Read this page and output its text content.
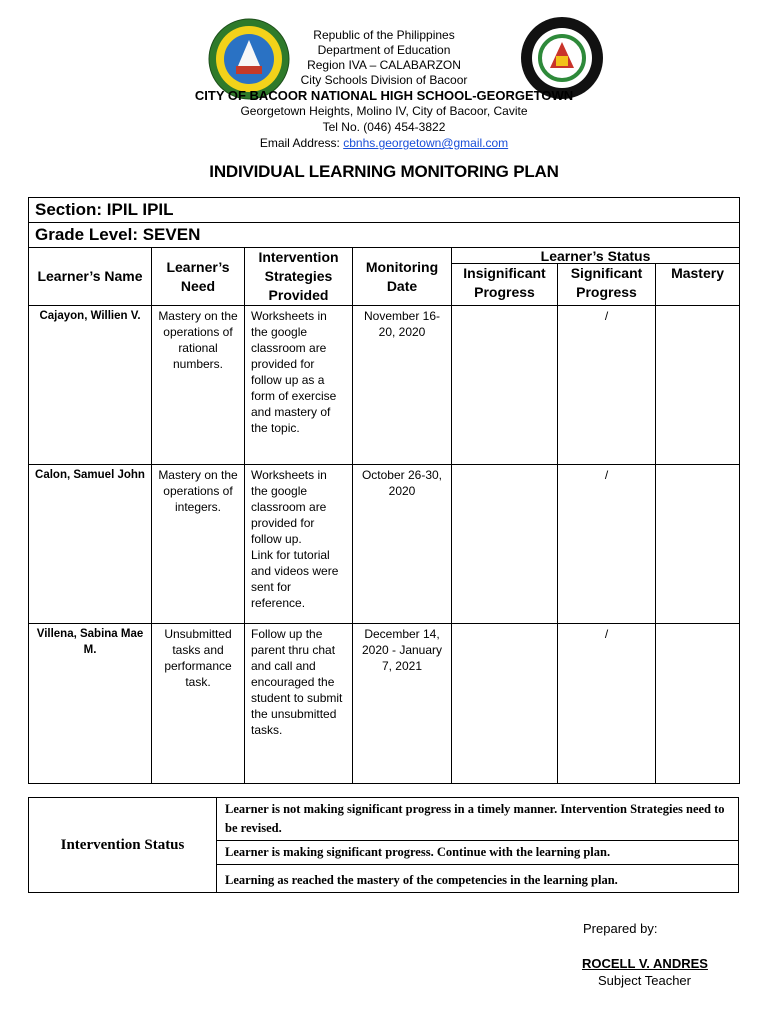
Republic of the Philippines
Department of Education
Region IVA – CALABARZON
City Schools Division of Bacoor
CITY OF BACOOR NATIONAL HIGH SCHOOL-GEORGETOWN
Georgetown Heights, Molino IV, City of Bacoor, Cavite
Tel No. (046) 454-3822
Email Address: cbnhs.georgetown@gmail.com
INDIVIDUAL LEARNING MONITORING PLAN
Section: IPIL IPIL						
Grade Level: SEVEN						
Learner’s Name	Learner’s Need	Intervention Strategies Provided	Monitoring Date	Learner’s Status		
				Insignificant Progress	Significant Progress	Mastery
Cajayon, Willien V.	Mastery on the operations of rational numbers.	Worksheets in the google classroom are provided for follow up as a form of exercise and mastery of the topic.	November 16-20, 2020		/	
Calon, Samuel John	Mastery on the operations of integers.	Worksheets in the google classroom are provided for follow up.
Link for tutorial and videos were sent for reference.	October 26-30, 2020		/	
Villena, Sabina Mae M.	Unsubmitted tasks and performance task.	Follow up the parent thru chat and call and encouraged the student to submit the unsubmitted tasks.	December 14, 2020 - January 7, 2021		/	
Intervention Status	Learner is not making significant progress in a timely manner. Intervention Strategies need to be revised.
Learner is making significant progress. Continue with the learning plan.
Learning as reached the mastery of the competencies in the learning plan.
Prepared by:
ROCELL V. ANDRES
Subject Teacher
